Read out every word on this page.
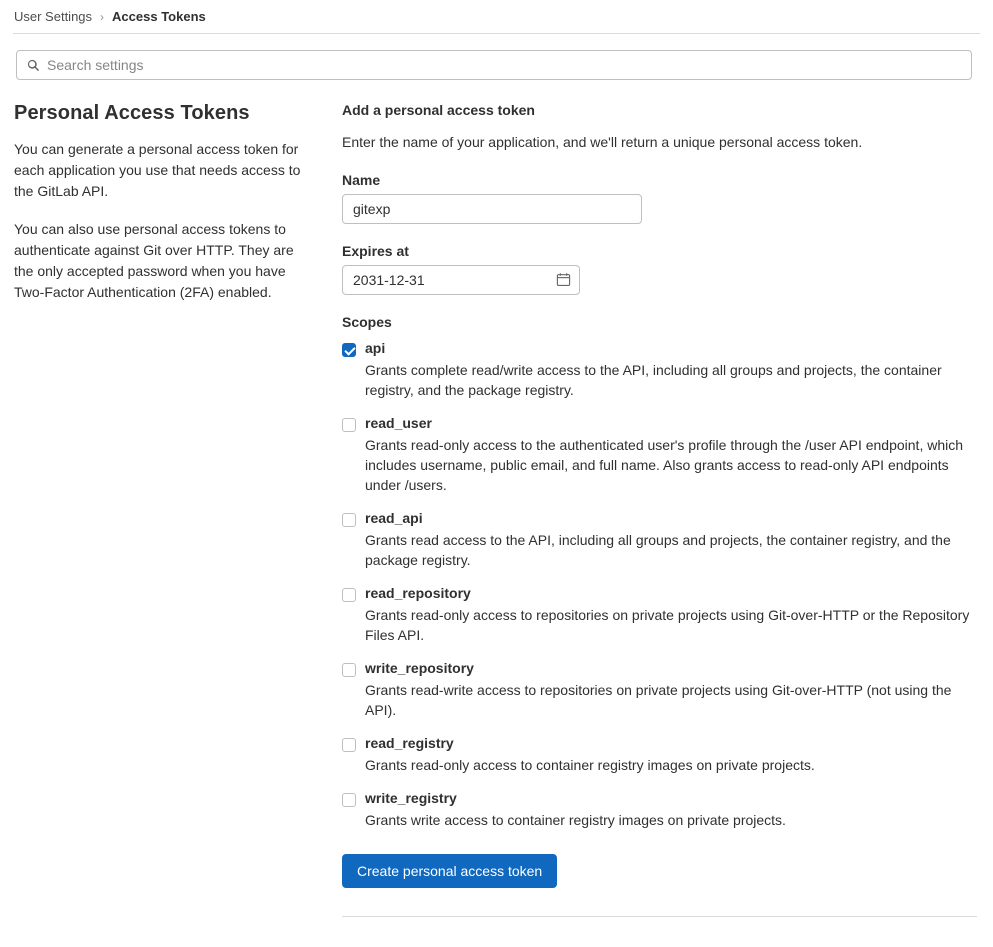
User Settings › Access Tokens
Search settings
Personal Access Tokens

You can generate a personal access token for each application you use that needs access to the GitLab API.

You can also use personal access tokens to authenticate against Git over HTTP. They are the only accepted password when you have Two-Factor Authentication (2FA) enabled.

Add a personal access token

Enter the name of your application, and we'll return a unique personal access token.

Name
gitexp
Expires at
2031-12-31
Scopes
api
Grants complete read/write access to the API, including all groups and projects, the container registry, and the package registry.
read_user
Grants read-only access to the authenticated user's profile through the /user API endpoint, which includes username, public email, and full name. Also grants access to read-only API endpoints under /users.
read_api
Grants read access to the API, including all groups and projects, the container registry, and the package registry.
read_repository
Grants read-only access to repositories on private projects using Git-over-HTTP or the Repository Files API.
write_repository
Grants read-write access to repositories on private projects using Git-over-HTTP (not using the API).
read_registry
Grants read-only access to container registry images on private projects.
write_registry
Grants write access to container registry images on private projects.
Create personal access token
